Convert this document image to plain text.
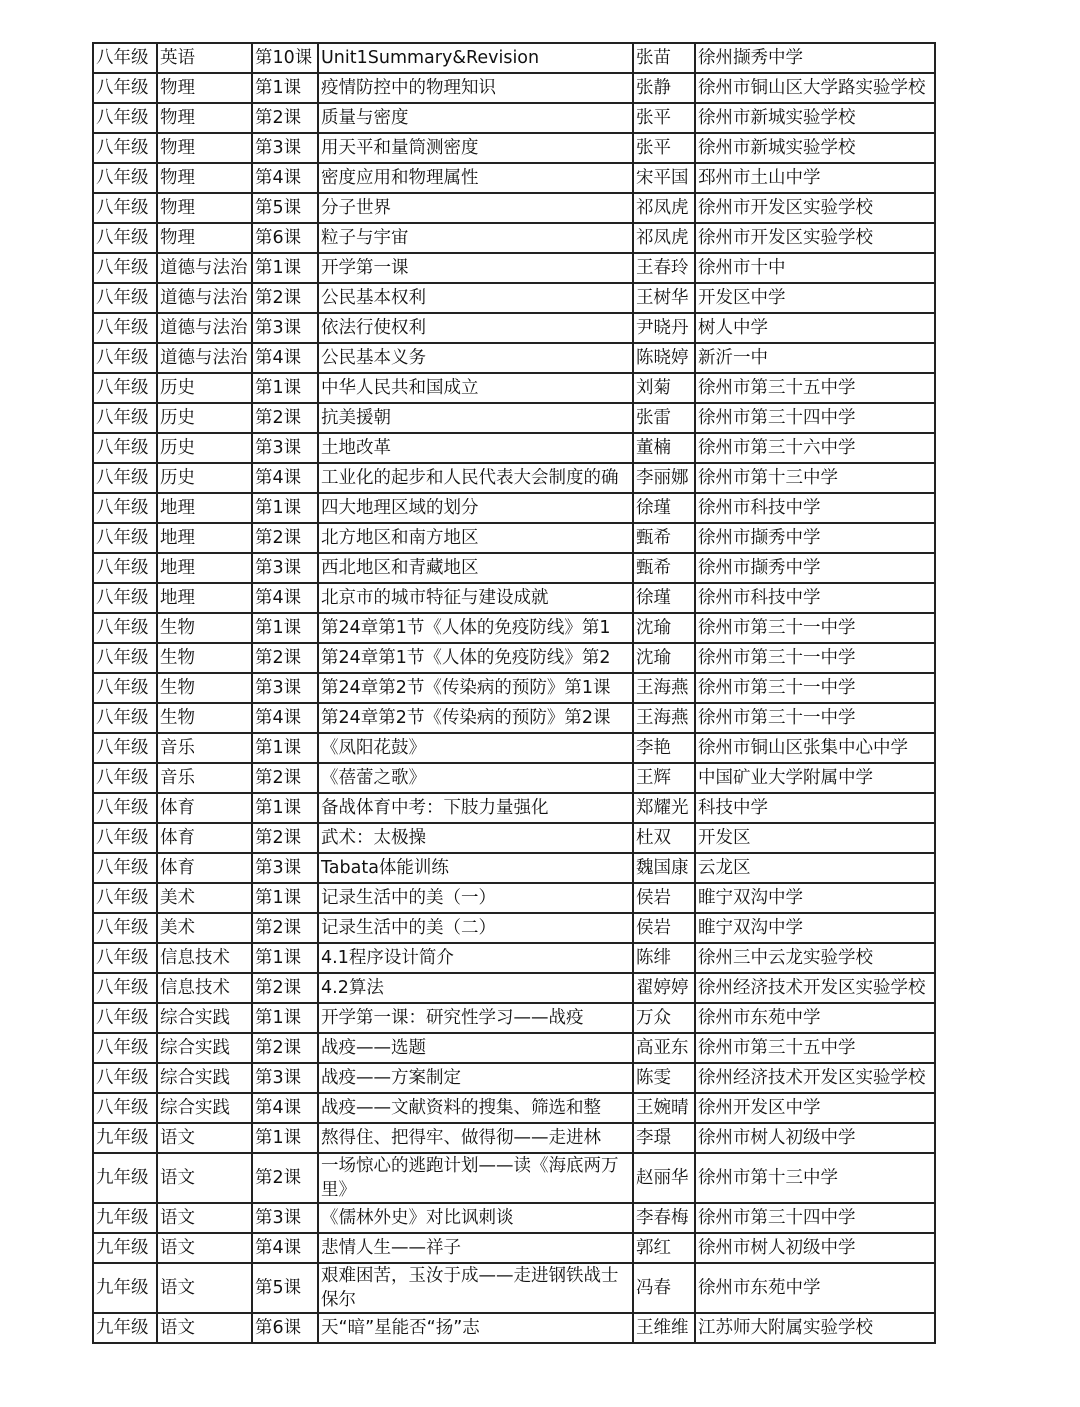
八年级	英语	第10课	Unit1Summary&Revision	张苗	徐州撷秀中学
八年级	物理	第1课	疫情防控中的物理知识	张静	徐州市铜山区大学路实验学校
八年级	物理	第2课	质量与密度	张平	徐州市新城实验学校
八年级	物理	第3课	用天平和量筒测密度	张平	徐州市新城实验学校
八年级	物理	第4课	密度应用和物理属性	宋平国	邳州市土山中学
八年级	物理	第5课	分子世界	祁凤虎	徐州市开发区实验学校
八年级	物理	第6课	粒子与宇宙	祁凤虎	徐州市开发区实验学校
八年级	道德与法治	第1课	开学第一课	王春玲	徐州市十中
八年级	道德与法治	第2课	公民基本权利	王树华	开发区中学
八年级	道德与法治	第3课	依法行使权利	尹晓丹	树人中学
八年级	道德与法治	第4课	公民基本义务	陈晓婷	新沂一中
八年级	历史	第1课	中华人民共和国成立	刘菊	徐州市第三十五中学
八年级	历史	第2课	抗美援朝	张雷	徐州市第三十四中学
八年级	历史	第3课	土地改革	董楠	徐州市第三十六中学
八年级	历史	第4课	工业化的起步和人民代表大会制度的确	李丽娜	徐州市第十三中学
八年级	地理	第1课	四大地理区域的划分	徐瑾	徐州市科技中学
八年级	地理	第2课	北方地区和南方地区	甄希	徐州市撷秀中学
八年级	地理	第3课	西北地区和青藏地区	甄希	徐州市撷秀中学
八年级	地理	第4课	北京市的城市特征与建设成就	徐瑾	徐州市科技中学
八年级	生物	第1课	第24章第1节《人体的免疫防线》第1	沈瑜	徐州市第三十一中学
八年级	生物	第2课	第24章第1节《人体的免疫防线》第2	沈瑜	徐州市第三十一中学
八年级	生物	第3课	第24章第2节《传染病的预防》第1课	王海燕	徐州市第三十一中学
八年级	生物	第4课	第24章第2节《传染病的预防》第2课	王海燕	徐州市第三十一中学
八年级	音乐	第1课	《凤阳花鼓》	李艳	徐州市铜山区张集中心中学
八年级	音乐	第2课	《蓓蕾之歌》	王辉	中国矿业大学附属中学
八年级	体育	第1课	备战体育中考：下肢力量强化	郑耀光	科技中学
八年级	体育	第2课	武术：太极操	杜双	开发区
八年级	体育	第3课	Tabata体能训练	魏国康	云龙区
八年级	美术	第1课	记录生活中的美（一）	侯岩	睢宁双沟中学
八年级	美术	第2课	记录生活中的美（二）	侯岩	睢宁双沟中学
八年级	信息技术	第1课	4.1程序设计简介	陈绯	徐州三中云龙实验学校
八年级	信息技术	第2课	4.2算法	翟婷婷	徐州经济技术开发区实验学校
八年级	综合实践	第1课	开学第一课：研究性学习——战疫	万众	徐州市东苑中学
八年级	综合实践	第2课	战疫——选题	高亚东	徐州市第三十五中学
八年级	综合实践	第3课	战疫——方案制定	陈雯	徐州经济技术开发区实验学校
八年级	综合实践	第4课	战疫——文献资料的搜集、筛选和整	王婉晴	徐州开发区中学
九年级	语文	第1课	熬得住、把得牢、做得彻——走进林	李璟	徐州市树人初级中学
九年级	语文	第2课	一场惊心的逃跑计划——读《海底两万里》	赵丽华	徐州市第十三中学
九年级	语文	第3课	《儒林外史》对比讽刺谈	李春梅	徐州市第三十四中学
九年级	语文	第4课	悲情人生——祥子	郭红	徐州市树人初级中学
九年级	语文	第5课	艰难困苦，玉汝于成——走进钢铁战士保尔	冯春	徐州市东苑中学
九年级	语文	第6课	天“暗”星能否“扬”志	王维维	江苏师大附属实验学校
